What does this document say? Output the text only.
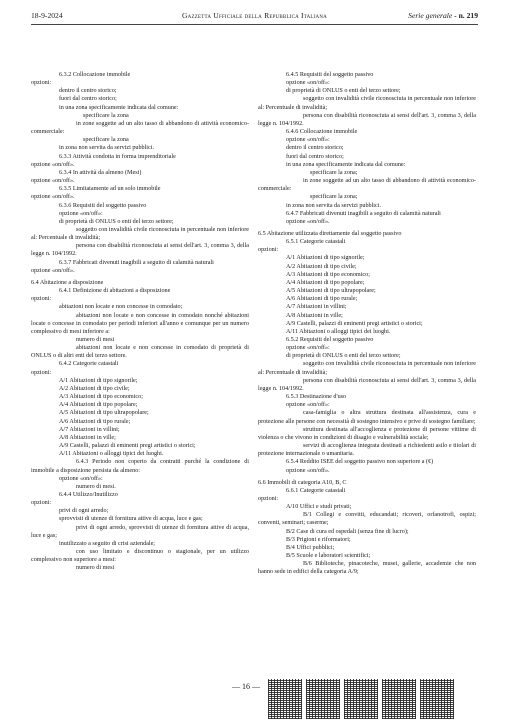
18-9-2024	Gazzetta Ufficiale della Repubblica Italiana	Serie generale - n. 219

6.3.2 Collocazione immobile

opzioni:

dentro il centro storico;

fuori dal centro storico;

in una zona specificamente indicata dal comune:

specificare la zona

in zone soggette ad un alto tasso di abbandono di attività economico-commerciale:

specificare la zona

in zona non servita da servizi pubblici.

6.3.3 Attività condotta in forma imprenditoriale

opzione «on/off».

6.3.4 In attività da almeno (Mesi)

opzione «on/off».

6.3.5 Limitatamente ad un solo immobile

opzione «on/off».

6.3.6 Requisiti del soggetto passivo

opzione «on/off»:

di proprietà di ONLUS o enti del terzo settore;

soggetto con invalidità civile riconosciuta in percentuale non inferiore al: Percentuale di invalidità;

persona con disabilità riconosciuta ai sensi dell'art. 3, comma 3, della legge n. 104/1992.

6.3.7 Fabbricati divenuti inagibili a seguito di calamità naturali

opzione «on/off».

6.4 Abitazione a disposizione

6.4.1 Definizione di abitazioni a disposizione

opzioni:

abitazioni non locate e non concesse in comodato;

abitazioni non locate e non concesse in comodato nonché abitazioni locate o concesse in comodato per periodi inferiori all'anno e comunque per un numero complessivo di mesi inferiore a:

numero di mesi

abitazioni non locate e non concesse in comodato di proprietà di ONLUS o di altri enti del terzo settore.

6.4.2 Categorie catastali

opzioni:

A/1 Abitazioni di tipo signorile;

A/2 Abitazioni di tipo civile;

A/3 Abitazioni di tipo economico;

A/4 Abitazioni di tipo popolare;

A/5 Abitazioni di tipo ultrapopolare;

A/6 Abitazioni di tipo rurale;

A/7 Abitazioni in villini;

A/8 Abitazioni in ville;

A/9 Castelli, palazzi di eminenti pregi artistici o storici;

A/11 Abitazioni o alloggi tipici dei luoghi.

6.4.3 Periodo non coperto da contratti purché la condizione di immobile a disposizione persista da almeno:

opzione «on/off»:

numero di mesi.

6.4.4 Utilizzo/Inutilizzo

opzioni:

privi di ogni arredo;

sprovvisti di utenze di fornitura attive di acqua, luce e gas;

privi di ogni arredo, sprovvisti di utenze di fornitura attive di acqua, luce e gas;

inutilizzato a seguito di crisi aziendale;

con uso limitato e discontinuo o stagionale, per un utilizzo complessivo non superiore a mesi:

numero di mesi

6.4.5 Requisiti del soggetto passivo

opzione «on/off»:

di proprietà di ONLUS o enti del terzo settore;

soggetto con invalidità civile riconosciuta in percentuale non inferiore al: Percentuale di invalidità;

persona con disabilità riconosciuta ai sensi dell'art. 3, comma 3, della legge n. 104/1992.

6.4.6 Collocazione immobile

opzione «on/off»:

dentro il centro storico;

fuori dal centro storico;

in una zona specificamente indicata dal comune:

specificare la zona;

in zone soggette ad un alto tasso di abbandono di attività economico-commerciale:

specificare la zona;

in zona non servita da servizi pubblici.

6.4.7 Fabbricati divenuti inagibili a seguito di calamità naturali

opzione «on/off».

6.5 Abitazione utilizzata direttamente dal soggetto passivo

6.5.1 Categorie catastali

opzioni:

A/1 Abitazioni di tipo signorile;

A/2 Abitazioni di tipo civile;

A/3 Abitazioni di tipo economico;

A/4 Abitazioni di tipo popolare;

A/5 Abitazioni di tipo ultrapopolare;

A/6 Abitazioni di tipo rurale;

A/7 Abitazioni in villini;

A/8 Abitazioni in ville;

A/9 Castelli, palazzi di eminenti pregi artistici o storici;

A/11 Abitazioni o alloggi tipici dei luoghi.

6.5.2 Requisiti del soggetto passivo

opzione «on/off»:

di proprietà di ONLUS o enti del terzo settore;

soggetto con invalidità civile riconosciuta in percentuale non inferiore al: Percentuale di invalidità;

persona con disabilità riconosciuta ai sensi dell'art. 3, comma 3, della legge n. 104/1992.

6.5.3 Destinazione d'uso

opzione «on/off»:

casa-famiglia o altra struttura destinata all'assistenza, cura e protezione alle persone con necessità di sostegno intensivo e prive di sostegno familiare;

struttura destinata all'accoglienza e protezione di persone vittime di violenza o che vivono in condizioni di disagio e vulnerabilità sociale;

servizi di accoglienza integrata destinati a richiedenti asilo e titolari di protezione internazionale o umanitaria.

6.5.4 Reddito ISEE del soggetto passivo non superiore a (€)

opzione «on/off».

6.6 Immobili di categoria A10, B, C

6.6.1 Categorie catastali

opzioni:

A/10 Uffici e studi privati;

B/1 Collegi e convitti, educandati; ricoveri, orfanotrofi, ospizi; conventi, seminari; caserme;

B/2 Case di cura ed ospedali (senza fine di lucro);

B/3 Prigioni e riformatori;

B/4 Uffici pubblici;

B/5 Scuole e laboratori scientifici;

B/6 Biblioteche, pinacoteche, musei, gallerie, accademie che non hanno sede in edifici della categoria A/9;

— 16 —
